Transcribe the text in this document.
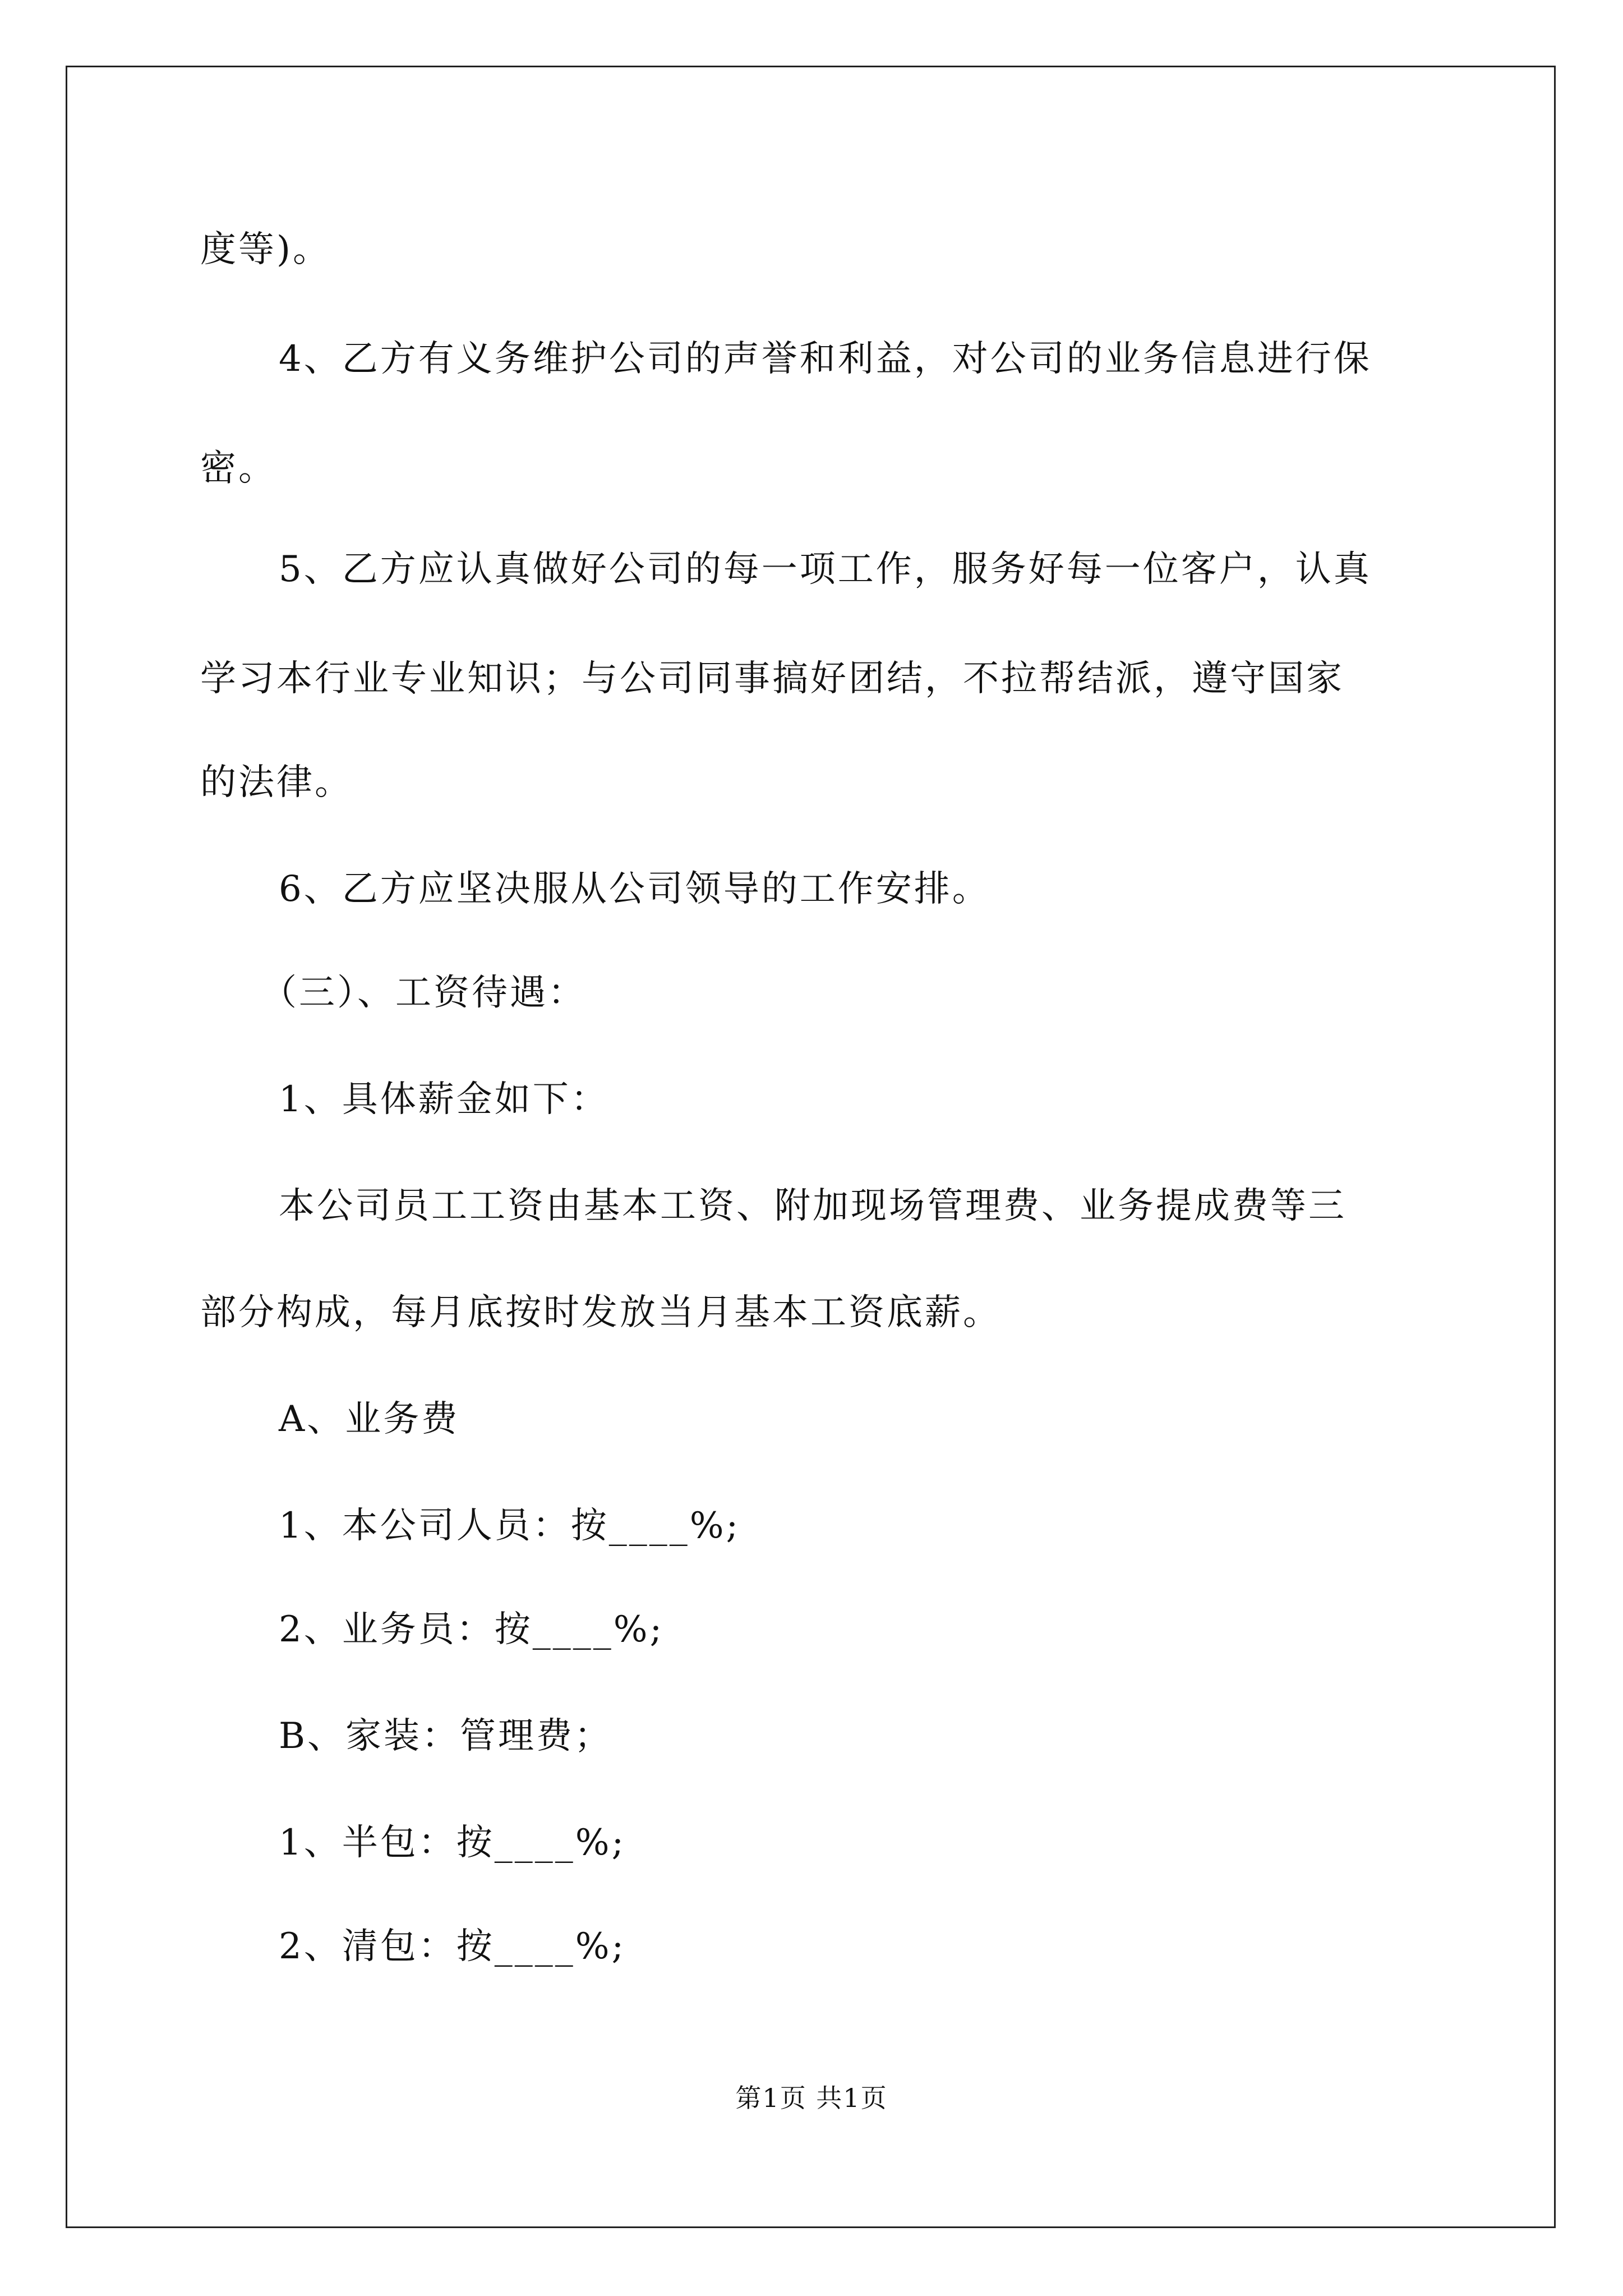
度等)。
4、乙方有义务维护公司的声誉和利益，对公司的业务信息进行保
密。
5、乙方应认真做好公司的每一项工作，服务好每一位客户，认真
学习本行业专业知识；与公司同事搞好团结，不拉帮结派，遵守国家
的法律。
6、乙方应坚决服从公司领导的工作安排。
（三）、工资待遇：
1、具体薪金如下：
本公司员工工资由基本工资、附加现场管理费、业务提成费等三
部分构成，每月底按时发放当月基本工资底薪。
A、业务费
1、本公司人员：按____%;
2、业务员：按____%;
B、家装：管理费；
1、半包：按____%;
2、清包：按____%;
第1页 共1页
